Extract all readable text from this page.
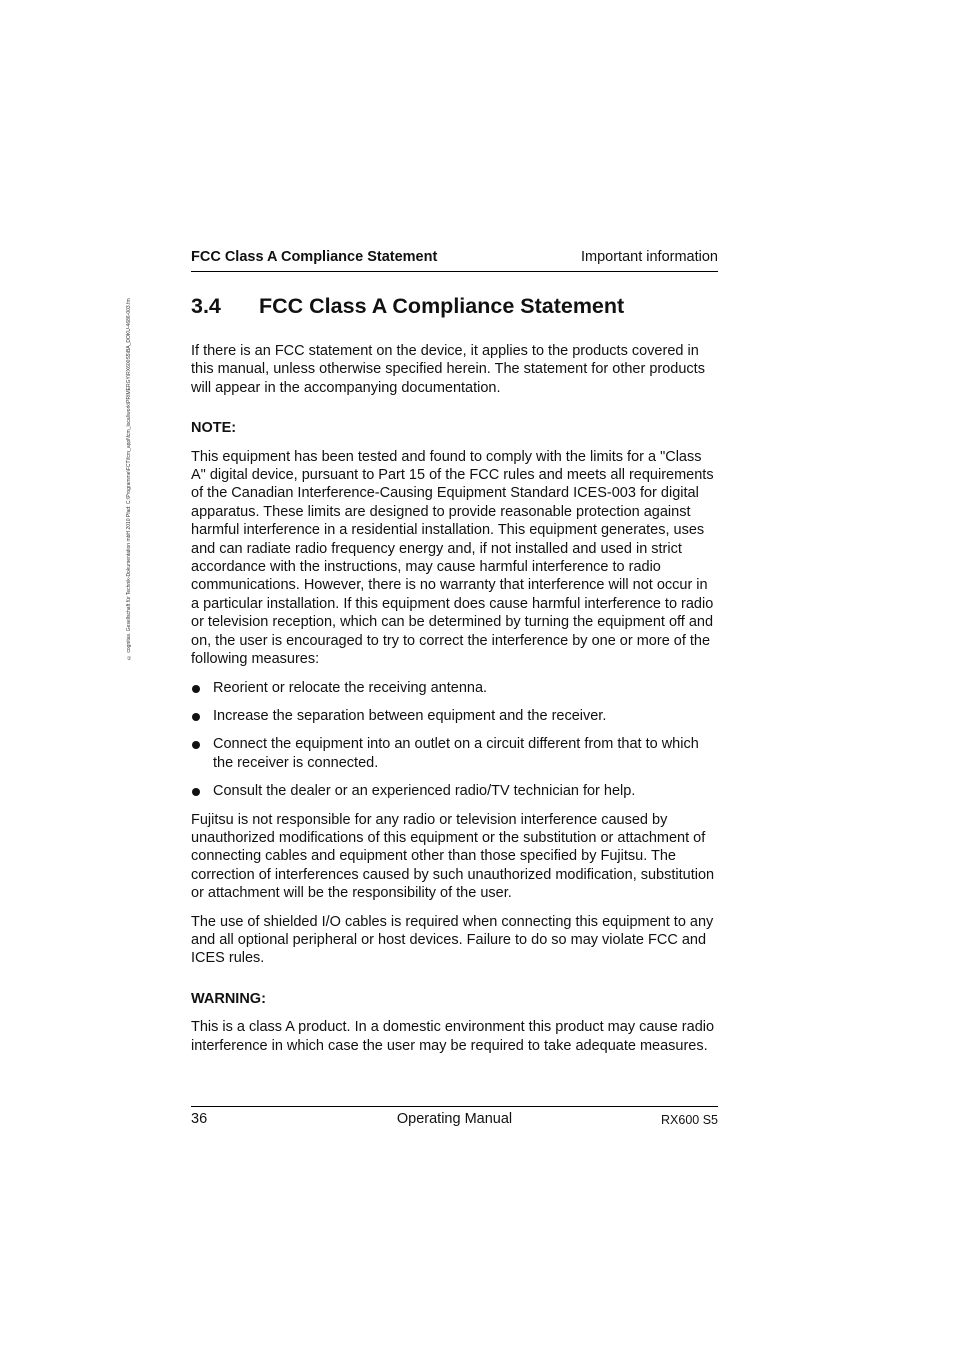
© cognitas. Gesellschaft für Technik-Dokumentation mbH 2010 Pfad: C:\Programme\FCT\fcm_appl\fcm_local\work\PRIMERGY\RX600S5\BA_DOKU-4686-003.fm
FCC Class A Compliance Statement	Important information
3.4 FCC Class A Compliance Statement

If there is an FCC statement on the device, it applies to the products covered in this manual, unless otherwise specified herein. The statement for other products will appear in the accompanying documentation.

NOTE:

This equipment has been tested and found to comply with the limits for a "Class A" digital device, pursuant to Part 15 of the FCC rules and meets all requirements of the Canadian Interference-Causing Equipment Standard ICES-003 for digital apparatus. These limits are designed to provide reasonable protection against harmful interference in a residential installation. This equipment generates, uses and can radiate radio frequency energy and, if not installed and used in strict accordance with the instructions, may cause harmful interference to radio communications. However, there is no warranty that interference will not occur in a particular installation. If this equipment does cause harmful interference to radio or television reception, which can be determined by turning the equipment off and on, the user is encouraged to try to correct the interference by one or more of the following measures:

Reorient or relocate the receiving antenna.
Increase the separation between equipment and the receiver.
Connect the equipment into an outlet on a circuit different from that to which the receiver is connected.
Consult the dealer or an experienced radio/TV technician for help.

Fujitsu is not responsible for any radio or television interference caused by unauthorized modifications of this equipment or the substitution or attachment of connecting cables and equipment other than those specified by Fujitsu. The correction of interferences caused by such unauthorized modification, substitution or attachment will be the responsibility of the user.

The use of shielded I/O cables is required when connecting this equipment to any and all optional peripheral or host devices. Failure to do so may violate FCC and ICES rules.

WARNING:

This is a class A product. In a domestic environment this product may cause radio interference in which case the user may be required to take adequate measures.

36	Operating Manual	RX600 S5
